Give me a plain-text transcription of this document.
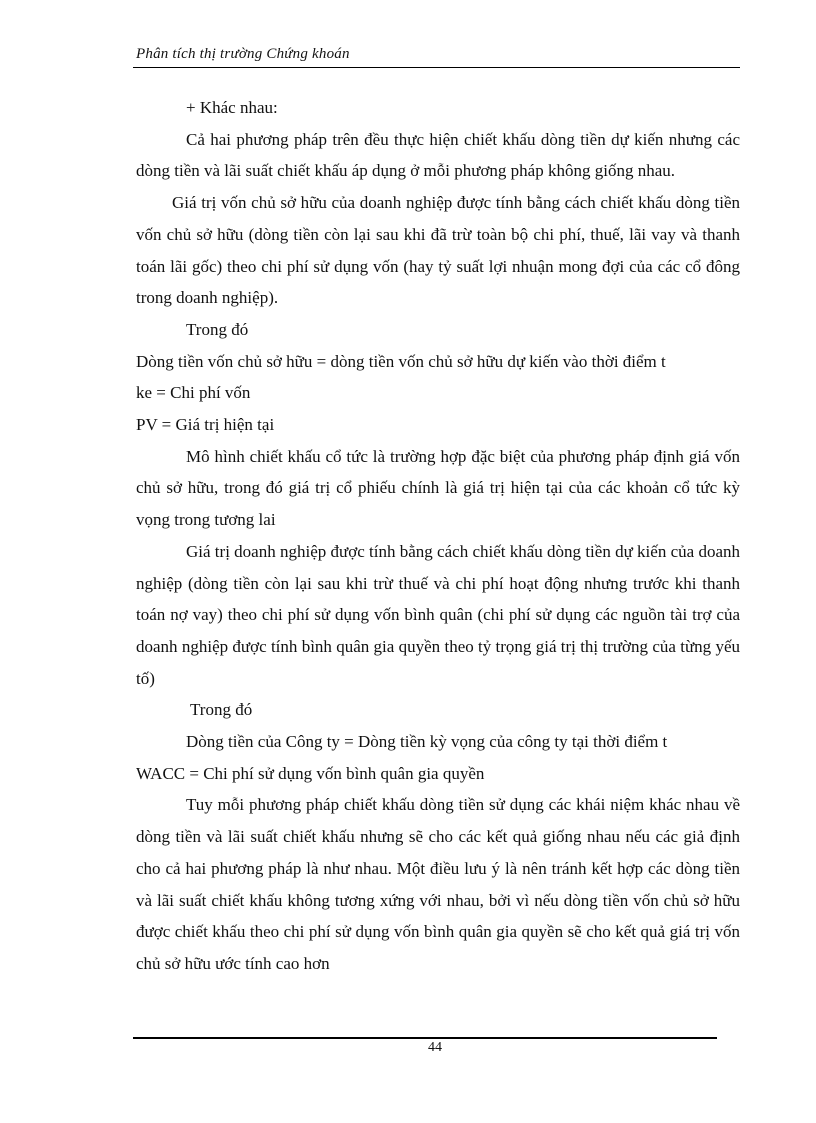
Phân tích thị trường Chứng khoán

+ Khác nhau:

Cả hai phương pháp trên đều thực hiện chiết khấu dòng tiền dự kiến nhưng các dòng tiền và lãi suất chiết khấu áp dụng ở mỗi phương pháp không giống nhau.

Giá trị vốn chủ sở hữu của doanh nghiệp được tính bằng cách chiết khấu dòng tiền vốn chủ sở hữu (dòng tiền còn lại sau khi đã trừ toàn bộ chi phí, thuế, lãi vay và thanh toán lãi gốc) theo chi phí sử dụng vốn (hay tỷ suất lợi nhuận mong đợi của các cổ đông trong doanh nghiệp).

Trong đó

Dòng tiền vốn chủ sở hữu = dòng tiền vốn chủ sở hữu dự kiến vào thời điểm t

ke = Chi phí vốn

PV = Giá trị hiện tại

Mô hình chiết khấu cổ tức là trường hợp đặc biệt của phương pháp định giá vốn chủ sở hữu, trong đó giá trị cổ phiếu chính là giá trị hiện tại của các khoản cổ tức kỳ vọng trong tương lai

Giá trị doanh nghiệp được tính bằng cách chiết khấu dòng tiền dự kiến của doanh nghiệp (dòng tiền còn lại sau khi trừ thuế và chi phí hoạt động nhưng trước khi thanh toán nợ vay) theo chi phí sử dụng vốn bình quân (chi phí sử dụng các nguồn tài trợ của doanh nghiệp được tính bình quân gia quyền theo tỷ trọng giá trị thị trường của từng yếu tố)

Trong đó

Dòng tiền của Công ty = Dòng tiền kỳ vọng của công ty tại thời điểm t

WACC = Chi phí sử dụng vốn bình quân gia quyền

Tuy mỗi phương pháp chiết khấu dòng tiền sử dụng các khái niệm khác nhau về dòng tiền và lãi suất chiết khấu nhưng sẽ cho các kết quả giống nhau nếu các giả định cho cả hai phương pháp là như nhau. Một điều lưu ý là nên tránh kết hợp các dòng tiền và lãi suất chiết khấu không tương xứng với nhau, bởi vì nếu dòng tiền vốn chủ sở hữu được chiết khấu theo chi phí sử dụng vốn bình quân gia quyền sẽ cho kết quả giá trị vốn chủ sở hữu ước tính cao hơn

44
